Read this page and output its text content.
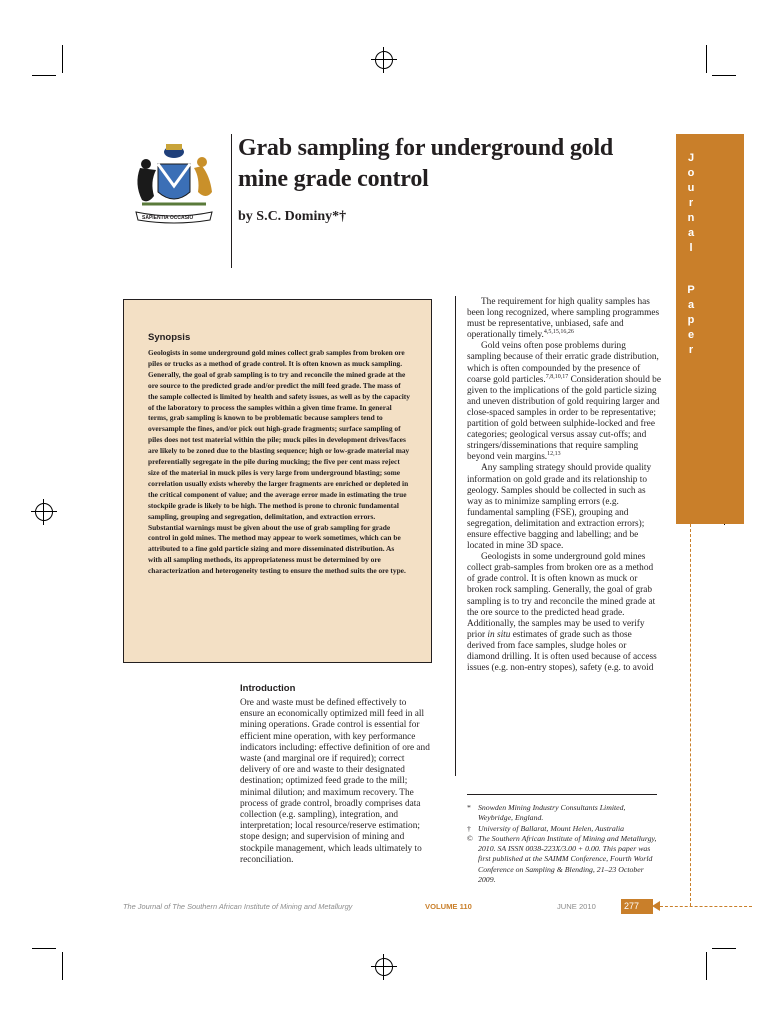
SAPIENTIA OCCASIO
Grab sampling for underground gold
mine grade control
by S.C. Dominy*†
J
o
u
r
n
a
l
P
a
p
e
r
Synopsis
Geologists in some underground gold mines collect grab samples from broken ore piles or trucks as a method of grade control. It is often known as muck sampling. Generally, the goal of grab sampling is to try and reconcile the mined grade at the ore source to the predicted grade and/or predict the mill feed grade. The mass of the sample collected is limited by health and safety issues, as well as by the capacity of the laboratory to process the samples within a given time frame. In general terms, grab sampling is known to be problematic because samplers tend to oversample the fines, and/or pick out high-grade fragments; surface sampling of piles does not test material within the pile; muck piles in development drives/faces are likely to be zoned due to the blasting sequence; high or low-grade material may preferentially segregate in the pile during mucking; the five per cent mass reject size of the material in muck piles is very large from underground blasting; some correlation usually exists whereby the larger fragments are enriched or depleted in the critical component of value; and the average error made in estimating the true stockpile grade is likely to be high. The method is prone to chronic fundamental sampling, grouping and segregation, delimitation, and extraction errors. Substantial warnings must be given about the use of grab sampling for grade control in gold mines. The method may appear to work sometimes, which can be attributed to a fine gold particle sizing and more disseminated distribution. As with all sampling methods, its appropriateness must be determined by ore characterization and heterogeneity testing to ensure the method suits the ore type.
Introduction
Ore and waste must be defined effectively to ensure an economically optimized mill feed in all mining operations. Grade control is essential for efficient mine operation, with key performance indicators including: effective definition of ore and waste (and marginal ore if required); correct delivery of ore and waste to their designated destination; optimized feed grade to the mill; minimal dilution; and maximum recovery. The process of grade control, broadly comprises data collection (e.g. sampling), integration, and interpretation; local resource/reserve estimation; stope design; and supervision of mining and stockpile management, which leads ultimately to reconciliation.

The requirement for high quality samples has been long recognized, where sampling programmes must be representative, unbiased, safe and operationally timely.$^{4,5,15,16,26}$

Gold veins often pose problems during sampling because of their erratic grade distribution, which is often compounded by the presence of coarse gold particles.$^{7,8,10,17}$ Consideration should be given to the implications of the gold particle sizing and uneven distribution of gold requiring larger and close-spaced samples in order to be representative; partition of gold between sulphide-locked and free categories; geological versus assay cut-offs; and stringers/disseminations that require sampling beyond vein margins.$^{12,13}$

Any sampling strategy should provide quality information on gold grade and its relationship to geology. Samples should be collected in such as way as to minimize sampling errors (e.g. fundamental sampling (FSE), grouping and segregation, delimitation and extraction errors); ensure effective bagging and labelling; and be located in mine 3D space.

Geologists in some underground gold mines collect grab-samples from broken ore as a method of grade control. It is often known as muck or broken rock sampling. Generally, the goal of grab sampling is to try and reconcile the mined grade at the ore source to the predicted head grade. Additionally, the samples may be used to verify prior in situ estimates of grade such as those derived from face samples, sludge holes or diamond drilling. It is often used because of access issues (e.g. non-entry stopes), safety (e.g. to avoid

* Snowden Mining Industry Consultants Limited, Weybridge, England.

† University of Ballarat, Mount Helen, Australia

© The Southern African Institute of Mining and Metallurgy, 2010. SA ISSN 0038-223X/3.00 + 0.00. This paper was first published at the SAIMM Conference, Fourth World Conference on Sampling & Blending, 21–23 October 2009.

The Journal of The Southern African Institute of Mining and Metallurgy	VOLUME 110	JUNE 2010	277
